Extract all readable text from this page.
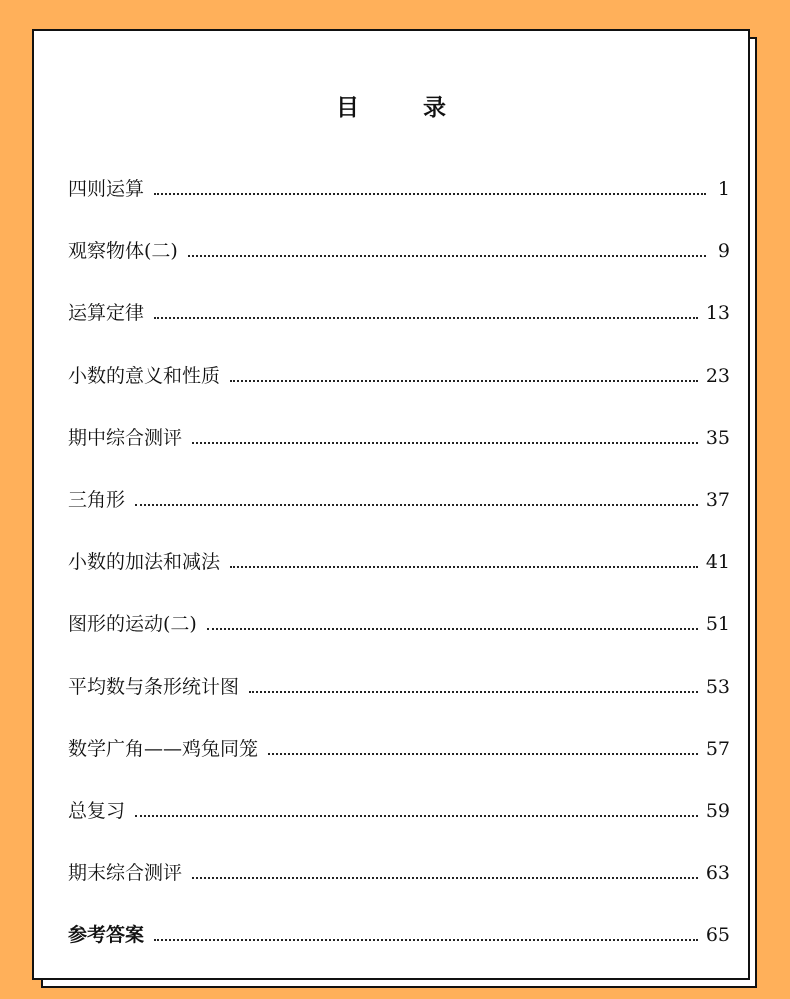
目 录
四则运算	1
观察物体(二)	9
运算定律	13
小数的意义和性质	23
期中综合测评	35
三角形	37
小数的加法和减法	41
图形的运动(二)	51
平均数与条形统计图	53
数学广角——鸡兔同笼	57
总复习	59
期末综合测评	63
参考答案	65
